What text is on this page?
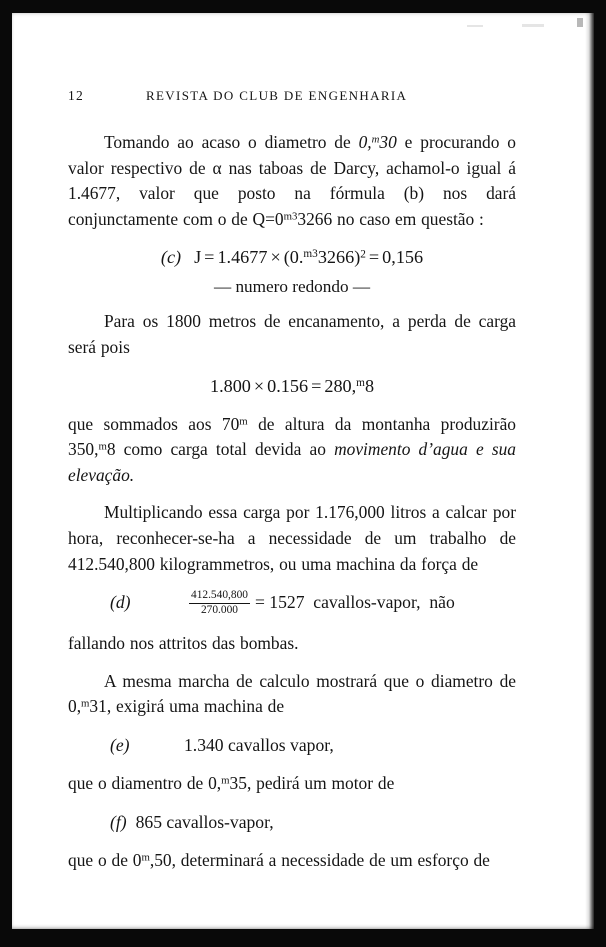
12	REVISTA DO CLUB DE ENGENHARIA

Tomando ao acaso o diametro de 0,$^m$30 e procurando o valor respectivo de α nas taboas de Darcy, achamol-o igual á 1.4677, valor que posto na fórmula (b) nos dará conjunctamente com o de $Q=0^{m3}3266$ no caso em questão :

(c) $J = 1.4677 \times (0.^{m3}3266)^2 = 0,156$
— numero redondo —

Para os 1800 metros de encanamento, a perda de carga será pois

1.800 × 0.156 = 280,$^m$8

que sommados aos 70$^m$ de altura da montanha produzirão 350,$^m$8 como carga total devida ao movimento d’agua e sua elevação.

Multiplicando essa carga por 1.176,000 litros a calcar por hora, reconhecer-se-ha a necessidade de um trabalho de 412.540,800 kilogrammetros, ou uma machina da força de

(d)	$\frac{412.540,800}{270.000} = 1527$ cavallos-vapor, não

fallando nos attritos das bombas.

A mesma marcha de calculo mostrará que o diametro de 0,$^m$31, exigirá uma machina de

(e)	1.340 cavallos vapor,

que o diamentro de 0,$^m$35, pedirá um motor de

(f) 865 cavallos-vapor,

que o de 0$^m$,50, determinará a necessidade de um esforço de
